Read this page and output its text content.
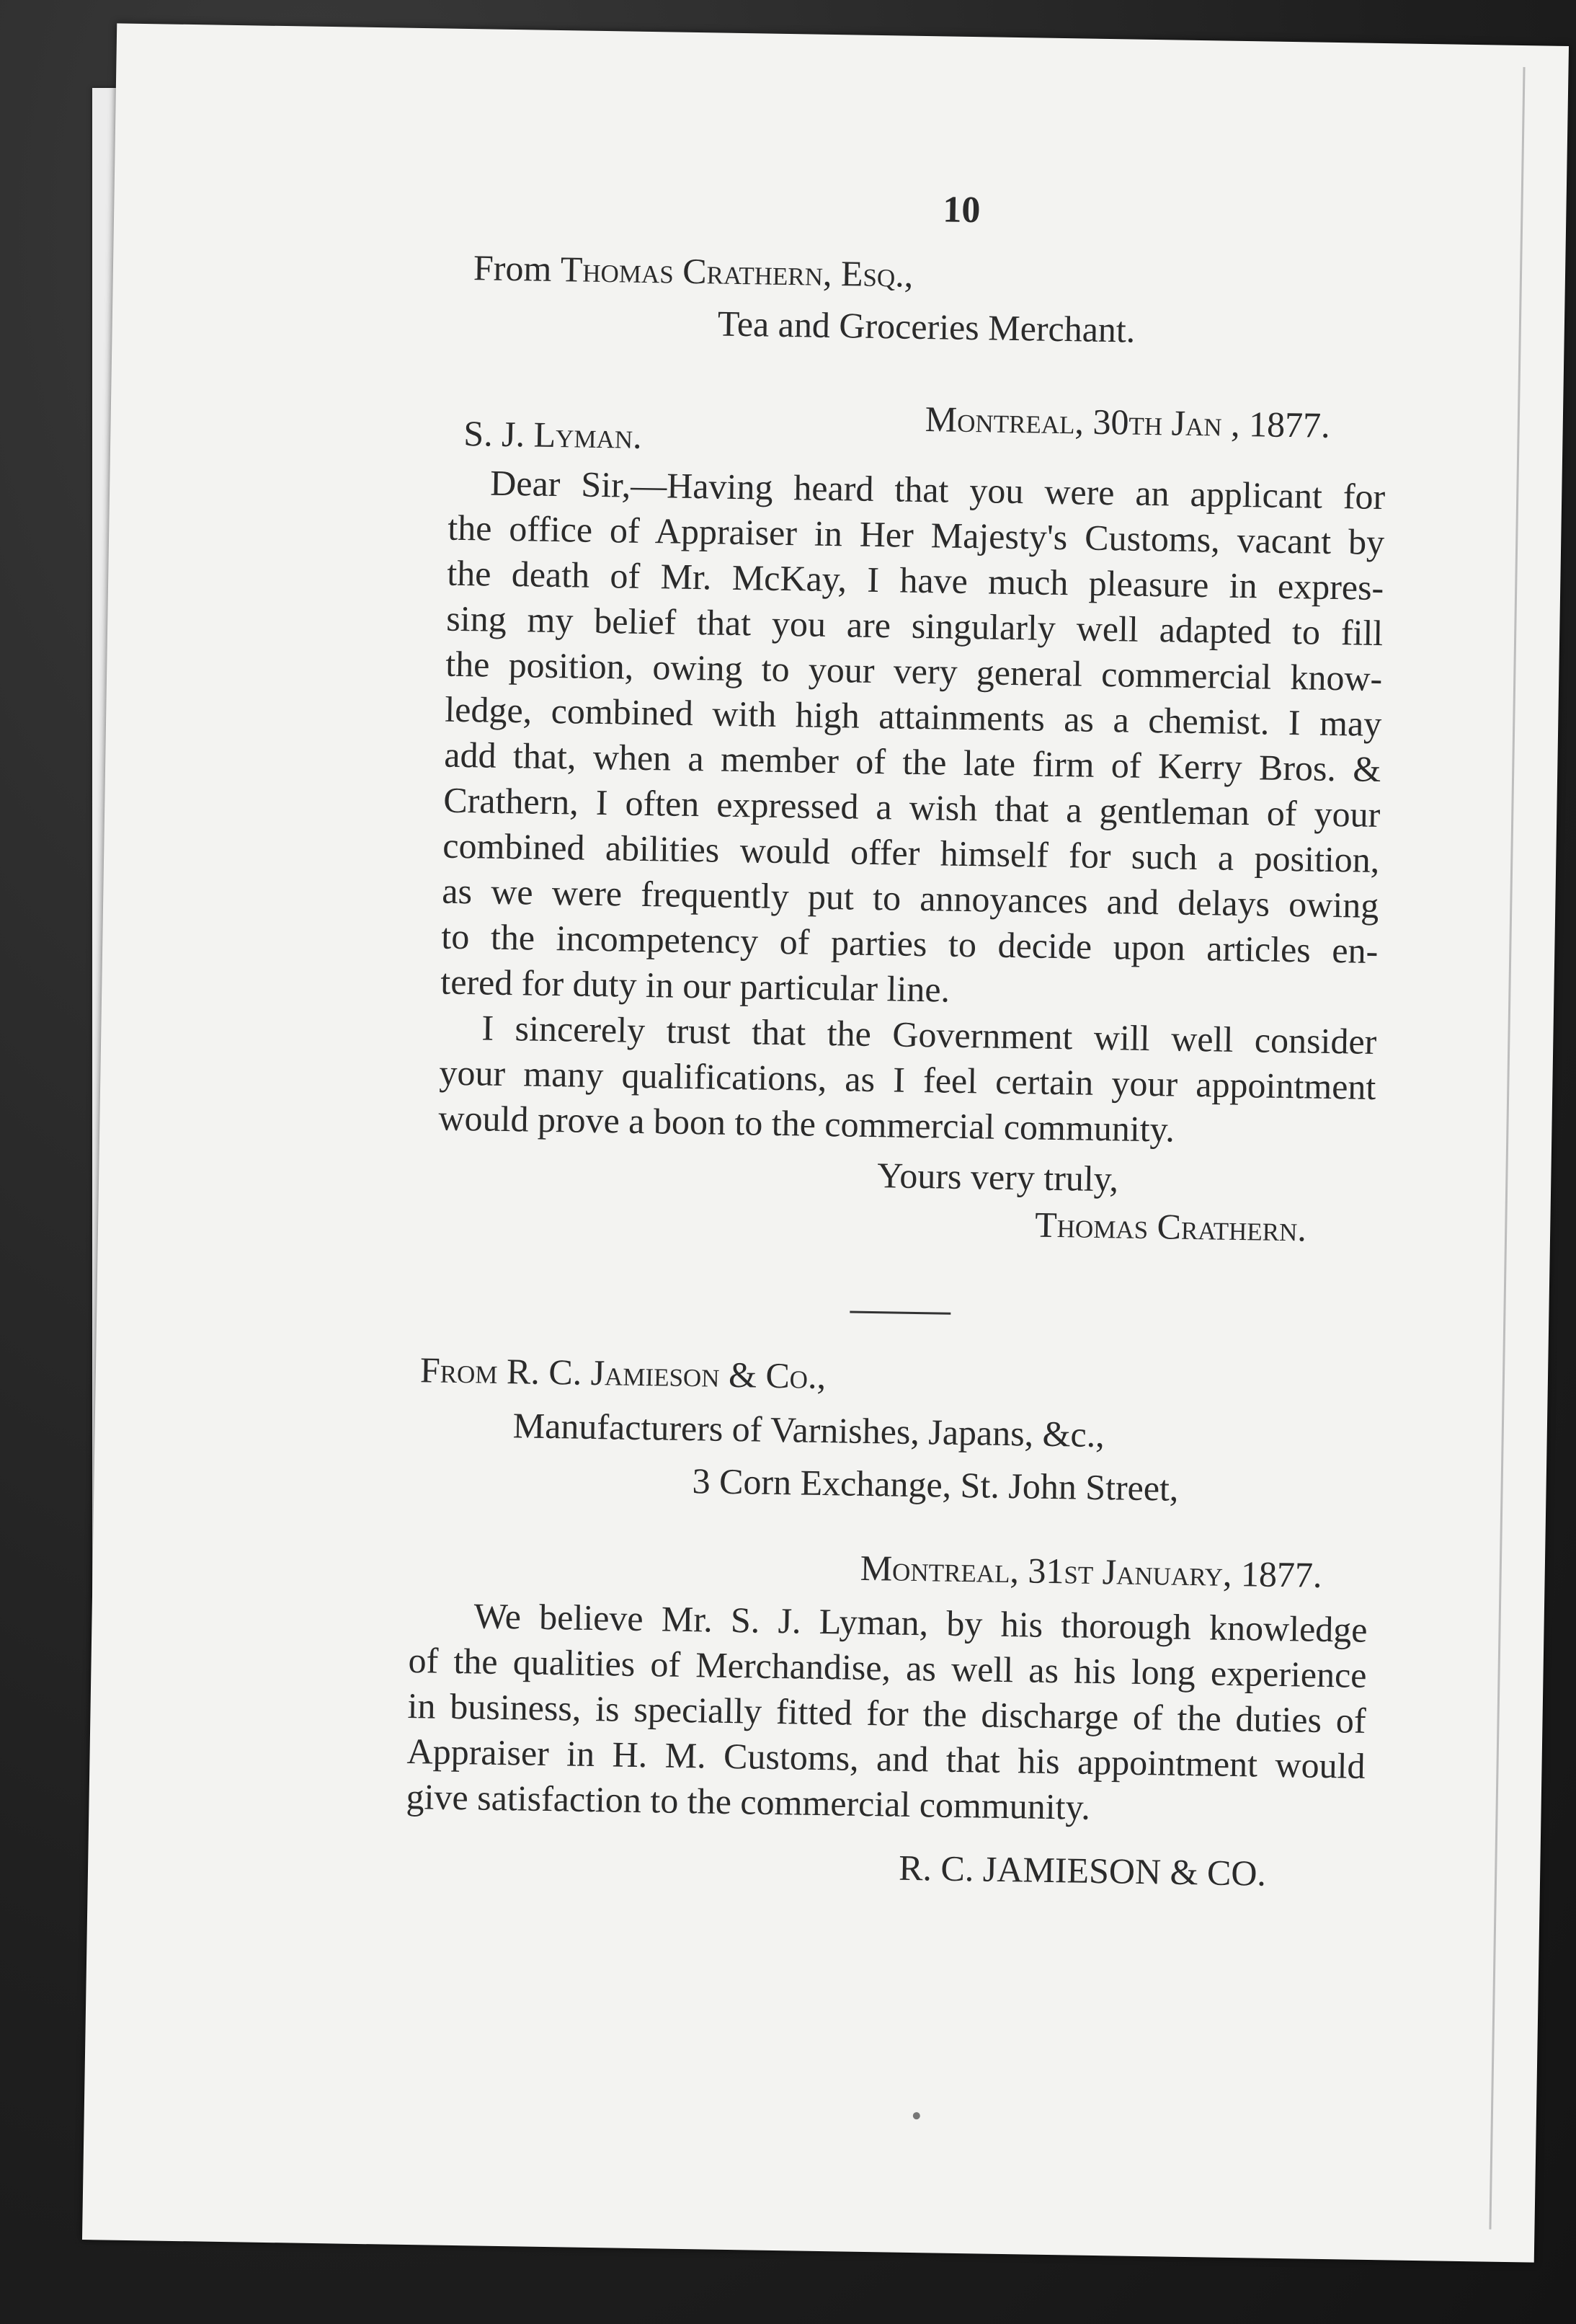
10
From Thomas Crathern, Esq.,
Tea and Groceries Merchant.
Montreal, 30th Jan , 1877.
S. J. Lyman.
Dear Sir,—Having heard that you were an applicant for
the office of Appraiser in Her Majesty's Customs, vacant by
the death of Mr. McKay, I have much pleasure in expres-
sing my belief that you are singularly well adapted to fill
the position, owing to your very general commercial know-
ledge, combined with high attainments as a chemist. I may
add that, when a member of the late firm of Kerry Bros. &
Crathern, I often expressed a wish that a gentleman of your
combined abilities would offer himself for such a position,
as we were frequently put to annoyances and delays owing
to the incompetency of parties to decide upon articles en-
tered for duty in our particular line.
I sincerely trust that the Government will well consider
your many qualifications, as I feel certain your appointment
would prove a boon to the commercial community.
Yours very truly,
Thomas Crathern.
From R. C. Jamieson & Co.,
Manufacturers of Varnishes, Japans, &c.,
3 Corn Exchange, St. John Street,
Montreal, 31st January, 1877.
We believe Mr. S. J. Lyman, by his thorough knowledge
of the qualities of Merchandise, as well as his long experience
in business, is specially fitted for the discharge of the duties of
Appraiser in H. M. Customs, and that his appointment would
give satisfaction to the commercial community.
R. C. JAMIESON & CO.
